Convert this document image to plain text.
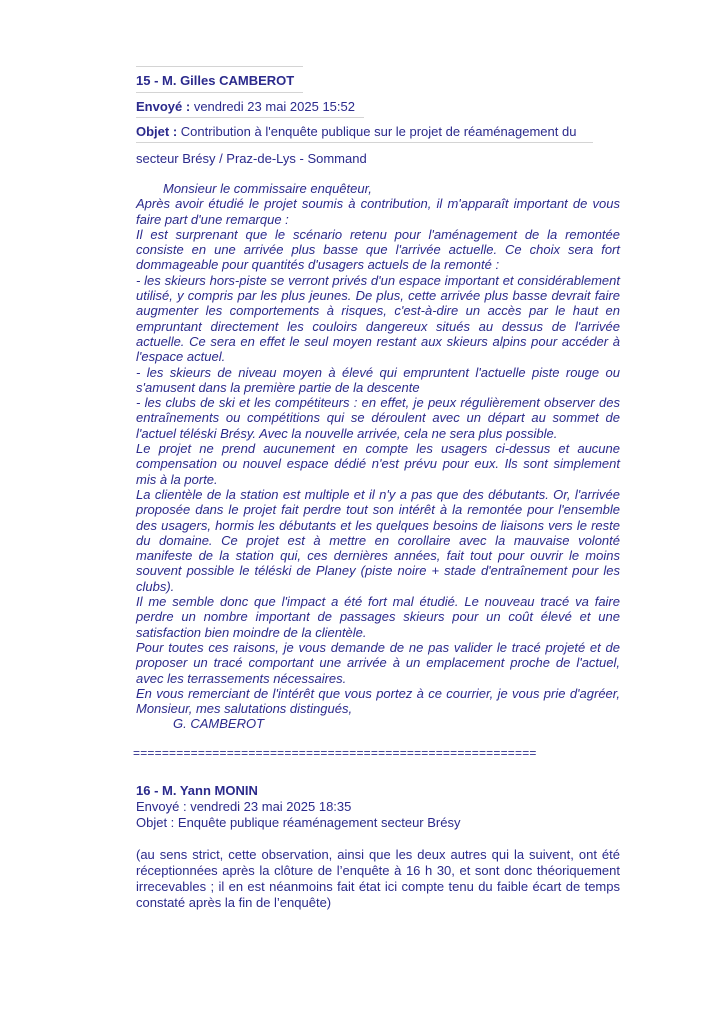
15 - M. Gilles CAMBEROT
Envoyé : vendredi 23 mai 2025 15:52
Objet : Contribution à l'enquête publique sur le projet de réaménagement du
secteur Brésy / Praz-de-Lys - Sommand

Monsieur le commissaire enquêteur,

Après avoir étudié le projet soumis à contribution, il m'apparaît important de vous faire part d'une remarque :

Il est surprenant que le scénario retenu pour l'aménagement de la remontée consiste en une arrivée plus basse que l'arrivée actuelle. Ce choix sera fort dommageable pour quantités d'usagers actuels de la remonté :

- les skieurs hors-piste se verront privés d'un espace important et considérablement utilisé, y compris par les plus jeunes. De plus, cette arrivée plus basse devrait faire augmenter les comportements à risques, c'est-à-dire un accès par le haut en empruntant directement les couloirs dangereux situés au dessus de l'arrivée actuelle. Ce sera en effet le seul moyen restant aux skieurs alpins pour accéder à l'espace actuel.

- les skieurs de niveau moyen à élevé qui empruntent l'actuelle piste rouge ou s'amusent dans la première partie de la descente

- les clubs de ski et les compétiteurs : en effet, je peux régulièrement observer des entraînements ou compétitions qui se déroulent avec un départ au sommet de l'actuel téléski Brésy. Avec la nouvelle arrivée, cela ne sera plus possible.

Le projet ne prend aucunement en compte les usagers ci-dessus et aucune compensation ou nouvel espace dédié n'est prévu pour eux. Ils sont simplement mis à la porte.

La clientèle de la station est multiple et il n'y a pas que des débutants. Or, l'arrivée proposée dans le projet fait perdre tout son intérêt à la remontée pour l'ensemble des usagers, hormis les débutants et les quelques besoins de liaisons vers le reste du domaine. Ce projet est à mettre en corollaire avec la mauvaise volonté manifeste de la station qui, ces dernières années, fait tout pour ouvrir le moins souvent possible le téléski de Planey (piste noire + stade d'entraînement pour les clubs).

Il me semble donc que l'impact a été fort mal étudié. Le nouveau tracé va faire perdre un nombre important de passages skieurs pour un coût élevé et une satisfaction bien moindre de la clientèle.

Pour toutes ces raisons, je vous demande de ne pas valider le tracé projeté et de proposer un tracé comportant une arrivée à un emplacement proche de l'actuel, avec les terrassements nécessaires.

En vous remerciant de l'intérêt que vous portez à ce courrier, je vous prie d'agréer, Monsieur, mes salutations distingués,

G. CAMBEROT

========================================================
16 - M. Yann MONIN
Envoyé : vendredi 23 mai 2025 18:35
Objet : Enquête publique réaménagement secteur Brésy
(au sens strict, cette observation, ainsi que les deux autres qui la suivent, ont été réceptionnées après la clôture de l’enquête à 16 h 30, et sont donc théoriquement irrecevables ; il en est néanmoins fait état ici compte tenu du faible écart de temps constaté après la fin de l’enquête)
